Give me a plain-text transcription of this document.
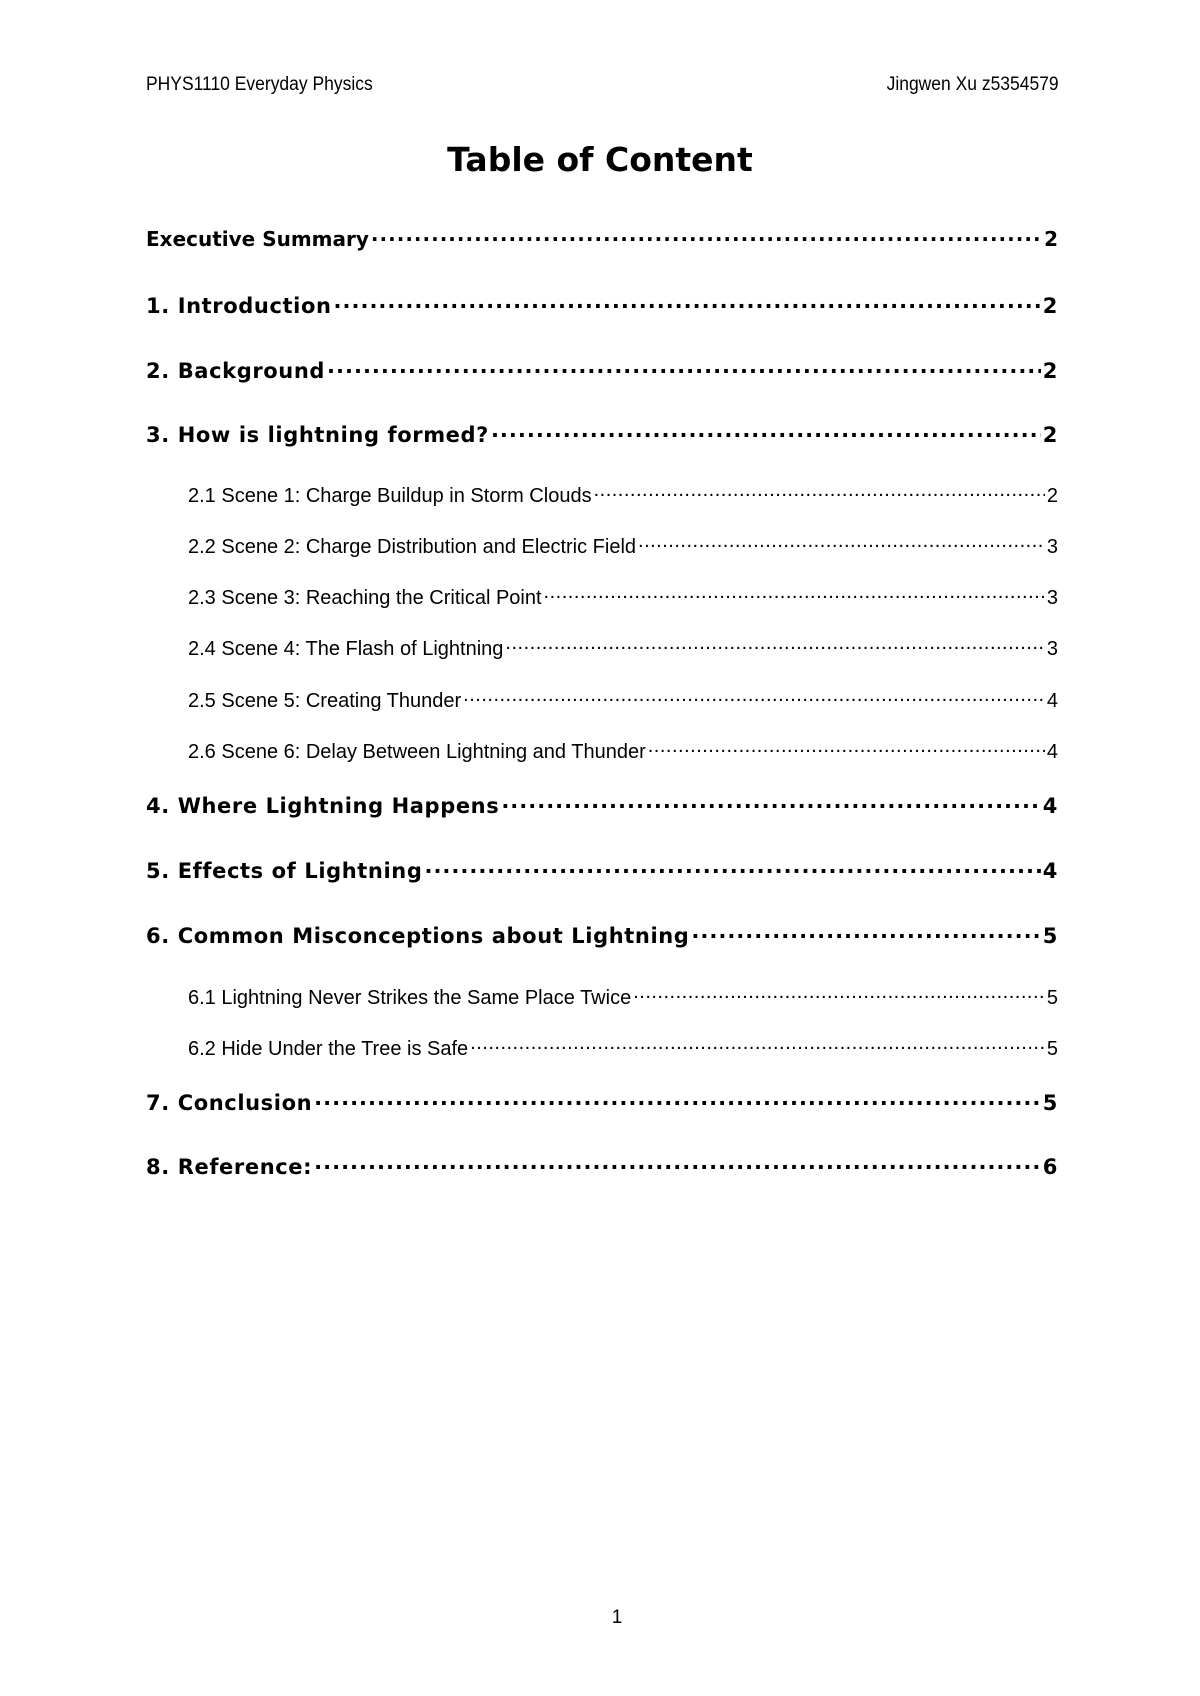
PHYS1110 Everyday Physics	Jingwen Xu z5354579
Table of Content
Executive Summary .....	2
1. Introduction .....	2
2. Background .....	2
3. How is lightning formed? .....	2
2.1 Scene 1: Charge Buildup in Storm Clouds .....	2
2.2 Scene 2: Charge Distribution and Electric Field .....	3
2.3 Scene 3: Reaching the Critical Point .....	3
2.4 Scene 4: The Flash of Lightning .....	3
2.5 Scene 5: Creating Thunder .....	4
2.6 Scene 6: Delay Between Lightning and Thunder .....	4
4. Where Lightning Happens .....	4
5. Effects of Lightning .....	4
6. Common Misconceptions about Lightning .....	5
6.1 Lightning Never Strikes the Same Place Twice .....	5
6.2 Hide Under the Tree is Safe .....	5
7. Conclusion .....	5
8. Reference: .....	6
1
